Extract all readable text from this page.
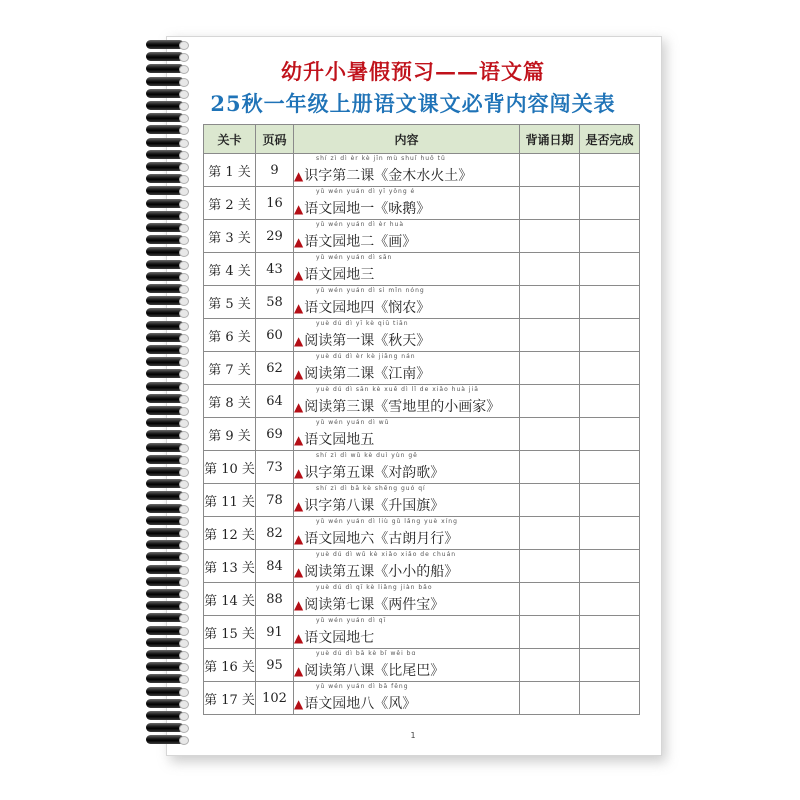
幼升小暑假预习——语文篇
25秋一年级上册语文课文必背内容闯关表
关卡	页码	内容	背诵日期	是否完成
第 1 关	9	shí zì dì èr kè jīn mù shuǐ huǒ tǔ
▲识字第二课《金木水火土》		
第 2 关	16	yǔ wén yuán dì yī yǒng é
▲语文园地一《咏鹅》		
第 3 关	29	yǔ wén yuán dì èr huà
▲语文园地二《画》		
第 4 关	43	yǔ wén yuán dì sān
▲语文园地三		
第 5 关	58	yǔ wén yuán dì sì mǐn nóng
▲语文园地四《悯农》		
第 6 关	60	yuè dú dì yī kè qiū tiān
▲阅读第一课《秋天》		
第 7 关	62	yuè dú dì èr kè jiāng nán
▲阅读第二课《江南》		
第 8 关	64	yuè dú dì sān kè xuě dì lǐ de xiǎo huà jiā
▲阅读第三课《雪地里的小画家》		
第 9 关	69	yǔ wén yuán dì wǔ
▲语文园地五		
第 10 关	73	shí zì dì wǔ kè duì yùn gē
▲识字第五课《对韵歌》		
第 11 关	78	shí zì dì bā kè shēng guó qí
▲识字第八课《升国旗》		
第 12 关	82	yǔ wén yuán dì liù gǔ lǎng yuè xíng
▲语文园地六《古朗月行》		
第 13 关	84	yuè dú dì wǔ kè xiǎo xiǎo de chuán
▲阅读第五课《小小的船》		
第 14 关	88	yuè dú dì qī kè liǎng jiàn bǎo
▲阅读第七课《两件宝》		
第 15 关	91	yǔ wén yuán dì qī
▲语文园地七		
第 16 关	95	yuè dú dì bā kè bǐ wěi bɑ
▲阅读第八课《比尾巴》		
第 17 关	102	yǔ wén yuán dì bā fēng
▲语文园地八《风》		
1
